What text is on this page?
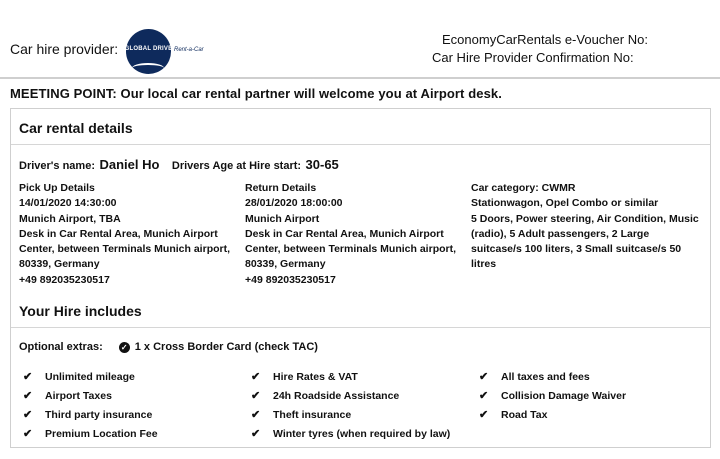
Car hire provider:	GLOBAL DRIVE Rent-a-Car
EconomyCarRentals e-Voucher No:
Car Hire Provider Confirmation No:
MEETING POINT: Our local car rental partner will welcome you at Airport desk.
Car rental details
Driver's name: Daniel Ho Drivers Age at Hire start: 30-65
Pick Up Details
14/01/2020 14:30:00
Munich Airport, TBA
Desk in Car Rental Area, Munich Airport Center, between Terminals Munich airport, 80339, Germany
+49 892035230517
Return Details
28/01/2020 18:00:00
Munich Airport
Desk in Car Rental Area, Munich Airport Center, between Terminals Munich airport, 80339, Germany
+49 892035230517
Car category: CWMR
Stationwagon, Opel Combo or similar
5 Doors, Power steering, Air Condition, Music (radio), 5 Adult passengers, 2 Large suitcase/s 100 liters, 3 Small suitcase/s 50 litres
Your Hire includes
Optional extras: ✓ 1 x Cross Border Card (check TAC)
✔	Unlimited mileage
✔	Airport Taxes
✔	Third party insurance
✔	Premium Location Fee
✔	Hire Rates & VAT
✔	24h Roadside Assistance
✔	Theft insurance
✔	Winter tyres (when required by law)
✔	All taxes and fees
✔	Collision Damage Waiver
✔	Road Tax
